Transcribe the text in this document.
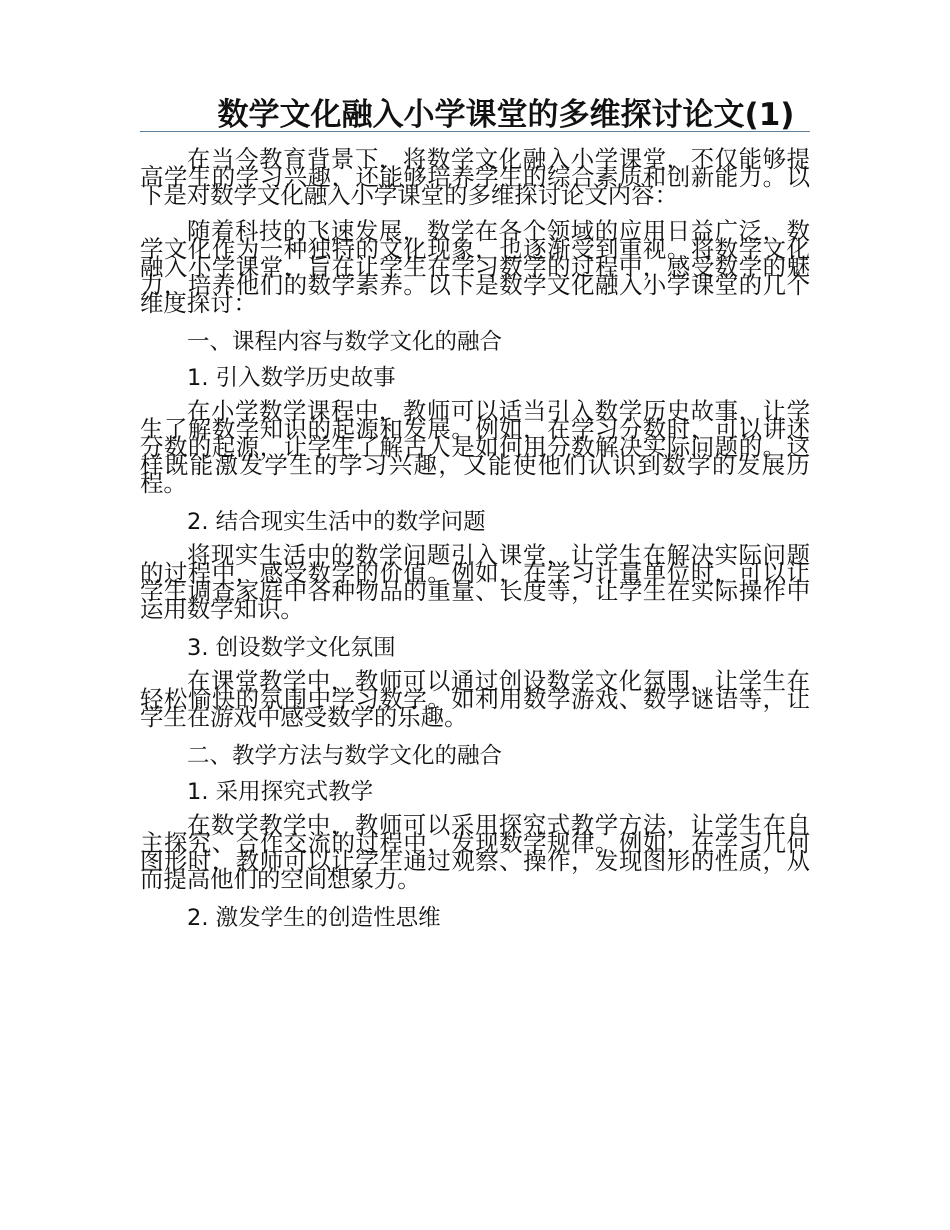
数学文化融入小学课堂的多维探讨论文(1)

在当今教育背景下，将数学文化融入小学课堂，不仅能够提高学生的学习兴趣，还能够培养学生的综合素质和创新能力。以下是对数学文化融入小学课堂的多维探讨论文内容：

随着科技的飞速发展，数学在各个领域的应用日益广泛，数学文化作为一种独特的文化现象，也逐渐受到重视。将数学文化融入小学课堂，旨在让学生在学习数学的过程中，感受数学的魅力，培养他们的数学素养。以下是数学文化融入小学课堂的几个维度探讨：

一、课程内容与数学文化的融合
1. 引入数学历史故事

在小学数学课程中，教师可以适当引入数学历史故事，让学生了解数学知识的起源和发展。例如，在学习分数时，可以讲述分数的起源，让学生了解古人是如何用分数解决实际问题的。这样既能激发学生的学习兴趣，又能使他们认识到数学的发展历程。

2. 结合现实生活中的数学问题

将现实生活中的数学问题引入课堂，让学生在解决实际问题的过程中，感受数学的价值。例如，在学习计量单位时，可以让学生调查家庭中各种物品的重量、长度等，让学生在实际操作中运用数学知识。

3. 创设数学文化氛围

在课堂教学中，教师可以通过创设数学文化氛围，让学生在轻松愉快的氛围中学习数学。如利用数学游戏、数学谜语等，让学生在游戏中感受数学的乐趣。

二、教学方法与数学文化的融合
1. 采用探究式教学

在数学教学中，教师可以采用探究式教学方法，让学生在自主探究、合作交流的过程中，发现数学规律。例如，在学习几何图形时，教师可以让学生通过观察、操作，发现图形的性质，从而提高他们的空间想象力。

2. 激发学生的创造性思维
